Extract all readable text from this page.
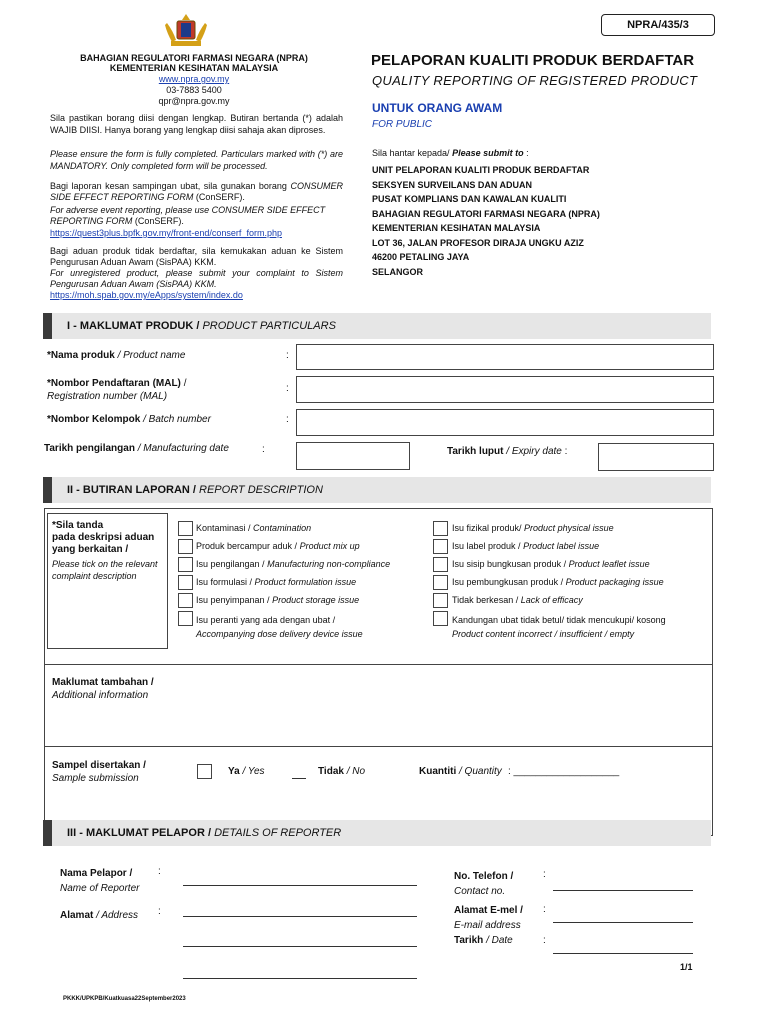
NPRA/435/3
BAHAGIAN REGULATORI FARMASI NEGARA (NPRA)
KEMENTERIAN KESIHATAN MALAYSIA
www.npra.gov.my
03-7883 5400
qpr@npra.gov.my
PELAPORAN KUALITI PRODUK BERDAFTAR
QUALITY REPORTING OF REGISTERED PRODUCT
UNTUK ORANG AWAM
FOR PUBLIC
Sila pastikan borang diisi dengan lengkap. Butiran bertanda (*) adalah WAJIB DIISI. Hanya borang yang lengkap diisi sahaja akan diproses.
Please ensure the form is fully completed. Particulars marked with (*) are MANDATORY. Only completed form will be processed.
Bagi laporan kesan sampingan ubat, sila gunakan borang CONSUMER SIDE EFFECT REPORTING FORM (ConSERF).
For adverse event reporting, please use CONSUMER SIDE EFFECT REPORTING FORM (ConSERF).
https://quest3plus.bpfk.gov.my/front-end/conserf_form.php
Bagi aduan produk tidak berdaftar, sila kemukakan aduan ke Sistem Pengurusan Aduan Awam (SisPAA) KKM.
For unregistered product, please submit your complaint to Sistem Pengurusan Aduan Awam (SisPAA) KKM.
https://moh.spab.gov.my/eApps/system/index.do
Sila hantar kepada/ Please submit to :
UNIT PELAPORAN KUALITI PRODUK BERDAFTAR
SEKSYEN SURVEILANS DAN ADUAN
PUSAT KOMPLIANS DAN KAWALAN KUALITI
BAHAGIAN REGULATORI FARMASI NEGARA (NPRA)
KEMENTERIAN KESIHATAN MALAYSIA
LOT 36, JALAN PROFESOR DIRAJA UNGKU AZIZ
46200 PETALING JAYA
SELANGOR
I - MAKLUMAT PRODUK / PRODUCT PARTICULARS
*Nama produk / Product name	:
*Nombor Pendaftaran (MAL) /
Registration number (MAL)
:
*Nombor Kelompok / Batch number	:
Tarikh pengilangan / Manufacturing date	:	Tarikh luput / Expiry date :
II - BUTIRAN LAPORAN / REPORT DESCRIPTION
*Sila tanda
pada deskripsi aduan
yang berkaitan /
Please tick on the relevant complaint description
Kontaminasi / Contamination
Produk bercampur aduk / Product mix up
Isu pengilangan / Manufacturing non-compliance
Isu formulasi / Product formulation issue
Isu penyimpanan / Product storage issue
Isu peranti yang ada dengan ubat /
Accompanying dose delivery device issue
Isu fizikal produk/ Product physical issue
Isu label produk / Product label issue
Isu sisip bungkusan produk / Product leaflet issue
Isu pembungkusan produk / Product packaging issue
Tidak berkesan / Lack of efficacy
Kandungan ubat tidak betul/ tidak mencukupi/ kosong
Product content incorrect / insufficient / empty
Maklumat tambahan /
Additional information
Sampel disertakan /
Sample submission
Ya / Yes	Tidak / No	Kuantiti / Quantity : ___________________
III - MAKLUMAT PELAPOR / DETAILS OF REPORTER
Nama Pelapor /
Name of Reporter
:
Alamat / Address :
No. Telefon /
Contact no.
:
Alamat E-mel /
E-mail address
:
Tarikh / Date	:
1/1
PKKK/UPKPB/Kuatkuasa22September2023
